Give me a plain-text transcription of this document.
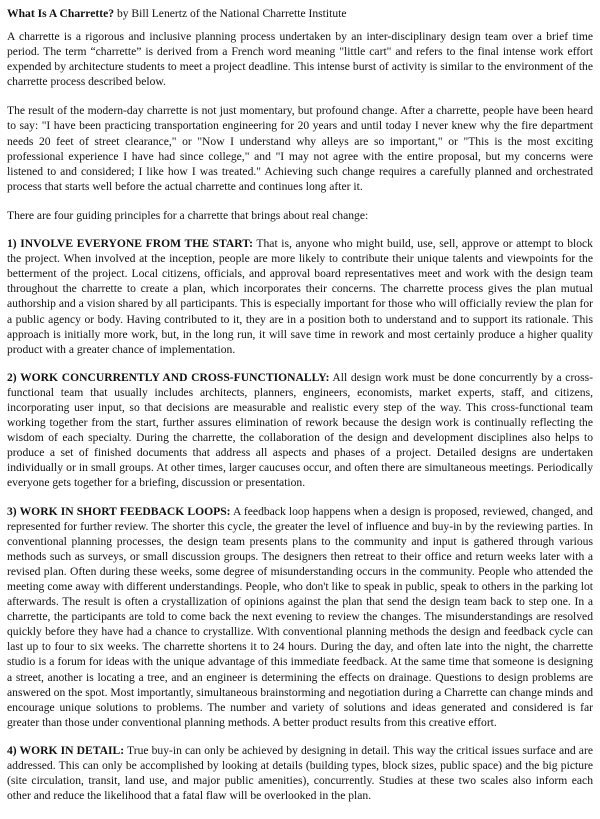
What Is A Charrette? by Bill Lenertz of the National Charrette Institute

A charrette is a rigorous and inclusive planning process undertaken by an inter-disciplinary design team over a brief time period. The term “charrette” is derived from a French word meaning "little cart" and refers to the final intense work effort expended by architecture students to meet a project deadline. This intense burst of activity is similar to the environment of the charrette process described below.

The result of the modern-day charrette is not just momentary, but profound change. After a charrette, people have been heard to say: "I have been practicing transportation engineering for 20 years and until today I never knew why the fire department needs 20 feet of street clearance," or "Now I understand why alleys are so important," or "This is the most exciting professional experience I have had since college," and "I may not agree with the entire proposal, but my concerns were listened to and considered; I like how I was treated." Achieving such change requires a carefully planned and orchestrated process that starts well before the actual charrette and continues long after it.

There are four guiding principles for a charrette that brings about real change:

1) INVOLVE EVERYONE FROM THE START: That is, anyone who might build, use, sell, approve or attempt to block the project. When involved at the inception, people are more likely to contribute their unique talents and viewpoints for the betterment of the project. Local citizens, officials, and approval board representatives meet and work with the design team throughout the charrette to create a plan, which incorporates their concerns. The charrette process gives the plan mutual authorship and a vision shared by all participants. This is especially important for those who will officially review the plan for a public agency or body. Having contributed to it, they are in a position both to understand and to support its rationale. This approach is initially more work, but, in the long run, it will save time in rework and most certainly produce a higher quality product with a greater chance of implementation.

2) WORK CONCURRENTLY AND CROSS-FUNCTIONALLY: All design work must be done concurrently by a cross-functional team that usually includes architects, planners, engineers, economists, market experts, staff, and citizens, incorporating user input, so that decisions are measurable and realistic every step of the way. This cross-functional team working together from the start, further assures elimination of rework because the design work is continually reflecting the wisdom of each specialty. During the charrette, the collaboration of the design and development disciplines also helps to produce a set of finished documents that address all aspects and phases of a project. Detailed designs are undertaken individually or in small groups. At other times, larger caucuses occur, and often there are simultaneous meetings. Periodically everyone gets together for a briefing, discussion or presentation.

3) WORK IN SHORT FEEDBACK LOOPS: A feedback loop happens when a design is proposed, reviewed, changed, and represented for further review. The shorter this cycle, the greater the level of influence and buy-in by the reviewing parties. In conventional planning processes, the design team presents plans to the community and input is gathered through various methods such as surveys, or small discussion groups. The designers then retreat to their office and return weeks later with a revised plan. Often during these weeks, some degree of misunderstanding occurs in the community. People who attended the meeting come away with different understandings. People, who don't like to speak in public, speak to others in the parking lot afterwards. The result is often a crystallization of opinions against the plan that send the design team back to step one. In a charrette, the participants are told to come back the next evening to review the changes. The misunderstandings are resolved quickly before they have had a chance to crystallize. With conventional planning methods the design and feedback cycle can last up to four to six weeks. The charrette shortens it to 24 hours. During the day, and often late into the night, the charrette studio is a forum for ideas with the unique advantage of this immediate feedback. At the same time that someone is designing a street, another is locating a tree, and an engineer is determining the effects on drainage. Questions to design problems are answered on the spot. Most importantly, simultaneous brainstorming and negotiation during a Charrette can change minds and encourage unique solutions to problems. The number and variety of solutions and ideas generated and considered is far greater than those under conventional planning methods. A better product results from this creative effort.

4) WORK IN DETAIL: True buy-in can only be achieved by designing in detail. This way the critical issues surface and are addressed. This can only be accomplished by looking at details (building types, block sizes, public space) and the big picture (site circulation, transit, land use, and major public amenities), concurrently. Studies at these two scales also inform each other and reduce the likelihood that a fatal flaw will be overlooked in the plan.
